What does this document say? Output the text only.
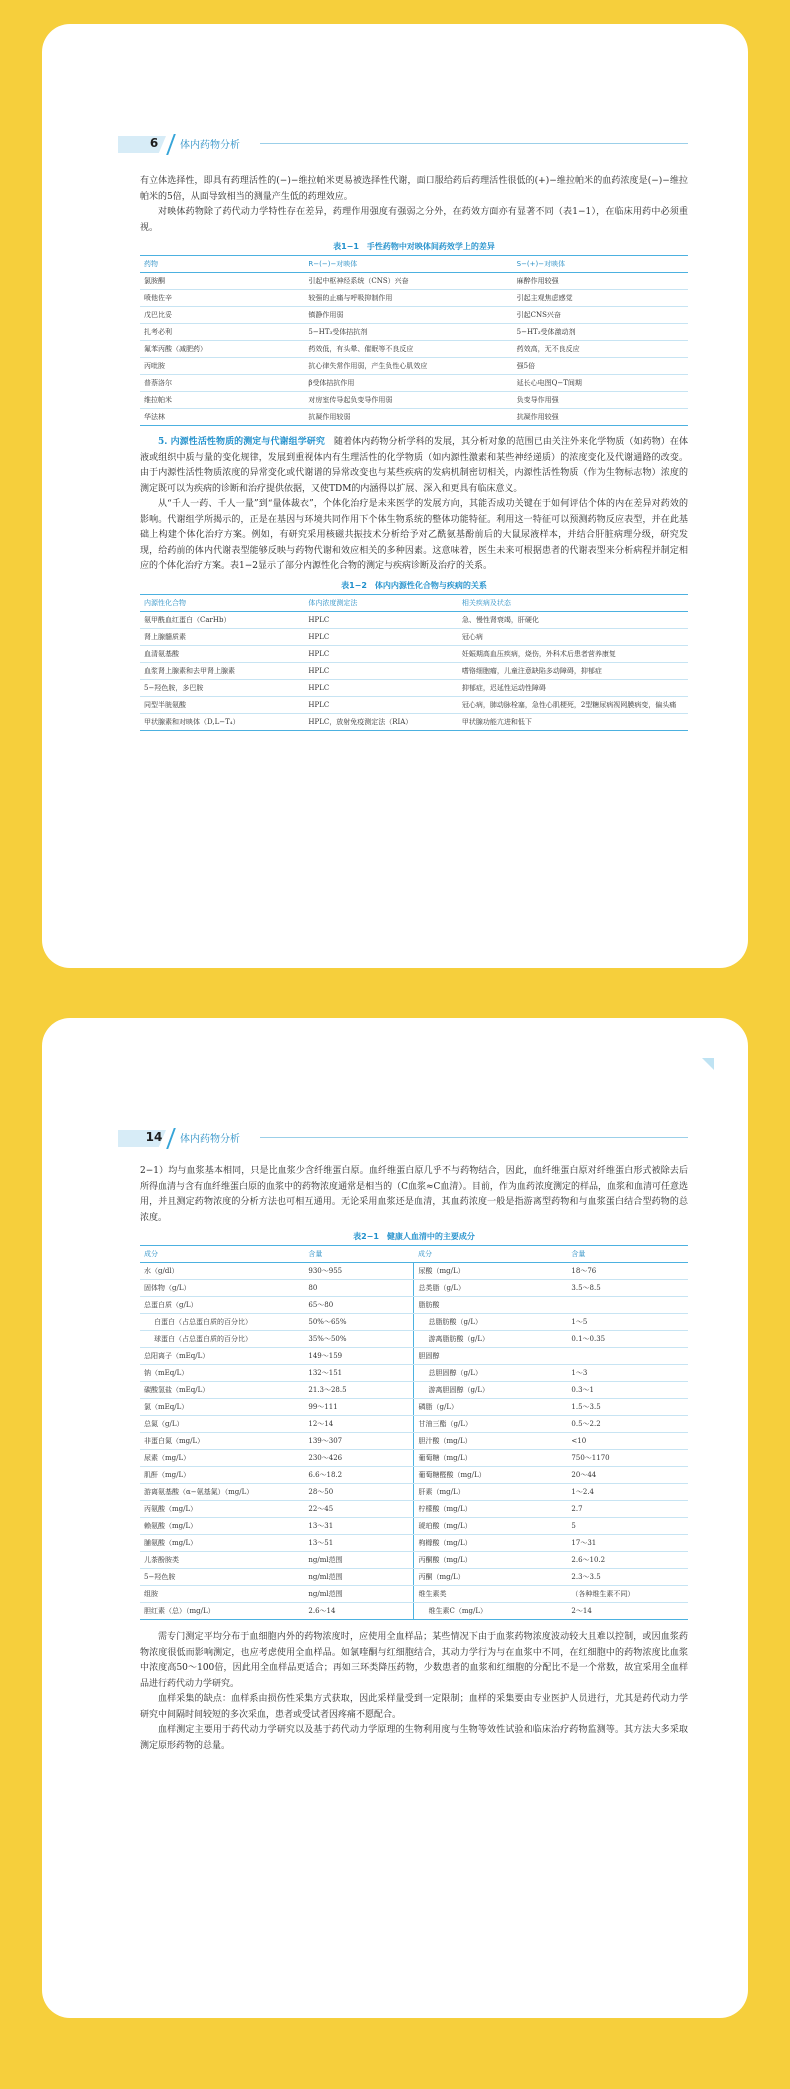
6	体内药物分析

有立体选择性，即具有药理活性的(−)−维拉帕米更易被选择性代谢，面口服给药后药理活性很低的(+)−维拉帕米的血药浓度是(−)−维拉帕米的5倍，从面导致相当的测量产生低的药理效应。

对映体药物除了药代动力学特性存在差异，药理作用强度有强弱之分外，在药效方面亦有显著不同（表1−1），在临床用药中必须重视。

表1−1　手性药物中对映体间药效学上的差异
药物	R−(−)−对映体	S−(+)−对映体
氯胺酮	引起中枢神经系统（CNS）兴奋	麻醉作用较强
喷他佐辛	较强的止痛与呼吸抑制作用	引起主观焦虑感觉
戊巴比妥	镇静作用弱	引起CNS兴奋
扎考必利	5−HT₃受体拮抗剂	5−HT₃受体激动剂
氟苯丙酸（减肥药）	药效低，有头晕、催眠等不良反应	药效高，无不良反应
丙吡胺	抗心律失常作用弱，产生负性心肌效应	强5倍
普萘洛尔	β受体拮抗作用	延长心电图Q−T间期
维拉帕米	对房室传导起负变导作用弱	负变导作用强
华法林	抗凝作用较弱	抗凝作用较强

5. 内源性活性物质的测定与代谢组学研究　 随着体内药物分析学科的发展，其分析对象的范围已由关注外来化学物质（如药物）在体液或组织中质与量的变化规律，发展到重视体内有生理活性的化学物质（如内源性激素和某些神经递质）的浓度变化及代谢通路的改变。由于内源性活性物质浓度的异常变化或代谢谱的异常改变也与某些疾病的发病机制密切相关，内源性活性物质（作为生物标志物）浓度的测定既可以为疾病的诊断和治疗提供依据，又使TDM的内涵得以扩展、深入和更具有临床意义。

从“千人一药、千人一量”到“量体裁衣”，个体化治疗是未来医学的发展方向，其能否成功关键在于如何评估个体的内在差异对药效的影响。代谢组学所揭示的，正是在基因与环境共同作用下个体生物系统的整体功能特征。利用这一特征可以预测药物反应表型，并在此基础上构建个体化治疗方案。例如，有研究采用核磁共振技术分析给予对乙酰氨基酚前后的大鼠尿液样本，并结合肝脏病理分级，研究发现，给药前的体内代谢表型能够反映与药物代谢和效应相关的多种因素。这意味着，医生未来可根据患者的代谢表型来分析病程并制定相应的个体化治疗方案。表1−2显示了部分内源性化合物的测定与疾病诊断及治疗的关系。

表1−2　体内内源性化合物与疾病的关系
内源性化合物	体内浓度测定法	相关疾病及状态
氨甲酰血红蛋白（CarHb）	HPLC	急、慢性肾衰竭，肝硬化
肾上腺髓质素	HPLC	冠心病
血清氨基酸	HPLC	妊娠期高血压疾病，烧伤，外科术后患者营养康复
血浆肾上腺素和去甲肾上腺素	HPLC	嗜铬细胞瘤，儿童注意缺陷多动障碍，抑郁症
5−羟色胺，多巴胺	HPLC	抑郁症，迟延性运动性障碍
同型半胱氨酸	HPLC	冠心病，肺动脉栓塞，急性心肌梗死，2型糖尿病视网膜病变，偏头痛
甲状腺素和对映体（D,L−T₄）	HPLC，放射免疫测定法（RIA）	甲状腺功能亢进和低下
14	体内药物分析

2−1）均与血浆基本相同，只是比血浆少含纤维蛋白原。血纤维蛋白原几乎不与药物结合，因此，血纤维蛋白原对纤维蛋白形式被除去后所得血清与含有血纤维蛋白原的血浆中的药物浓度通常是相当的（C血浆≈C血清）。目前，作为血药浓度测定的样品，血浆和血清可任意选用，并且测定药物浓度的分析方法也可相互通用。无论采用血浆还是血清，其血药浓度一般是指游离型药物和与血浆蛋白结合型药物的总浓度。

表2−1　健康人血清中的主要成分
成分	含量	成分	含量
水（g/dl）	930～955	尿酸（mg/L）	18～76
固体物（g/L）	80	总类脂（g/L）	3.5～8.5
总蛋白质（g/L）	65～80	脂肪酸	
白蛋白（占总蛋白质的百分比）	50%～65%	总脂肪酸（g/L）	1～5
球蛋白（占总蛋白质的百分比）	35%～50%	游离脂肪酸（g/L）	0.1～0.35
总阳离子（mEq/L）	149～159	胆固醇	
钠（mEq/L）	132～151	总胆固醇（g/L）	1～3
碳酸氢盐（mEq/L）	21.3～28.5	游离胆固醇（g/L）	0.3～1
氯（mEq/L）	99～111	磷脂（g/L）	1.5～3.5
总氮（g/L）	12～14	甘油三酯（g/L）	0.5～2.2
非蛋白氮（mg/L）	139～307	胆汁酸（mg/L）	<10
尿素（mg/L）	230～426	葡萄糖（mg/L）	750～1170
肌酐（mg/L）	6.6～18.2	葡萄糖醛酸（mg/L）	20～44
游离氨基酸（α−氨基氮）（mg/L）	28～50	肝素（mg/L）	1～2.4
丙氨酸（mg/L）	22～45	柠檬酸（mg/L）	2.7
赖氨酸（mg/L）	13～31	琥珀酸（mg/L）	5
脯氨酸（mg/L）	13～51	枸橼酸（mg/L）	17～31
儿茶酚胺类	ng/ml范围	丙酮酸（mg/L）	2.6～10.2
5−羟色胺	ng/ml范围	丙酮（mg/L）	2.3～3.5
组胺	ng/ml范围	维生素类	（各种维生素不同）
胆红素（总）（mg/L）	2.6～14	维生素C（mg/L）	2～14

需专门测定平均分布于血细胞内外的药物浓度时，应使用全血样品；某些情况下由于血浆药物浓度波动较大且难以控制，或因血浆药物浓度很低而影响测定，也应考虑使用全血样品。如氯喹酮与红细胞结合，其动力学行为与在血浆中不同，在红细胞中的药物浓度比血浆中浓度高50～100倍，因此用全血样品更适合；再如三环类降压药物，少数患者的血浆和红细胞的分配比不是一个常数，故宜采用全血样品进行药代动力学研究。

血样采集的缺点：血样系由损伤性采集方式获取，因此采样量受到一定限制；血样的采集要由专业医护人员进行，尤其是药代动力学研究中间隔时间较短的多次采血，患者或受试者因疼痛不愿配合。

血样测定主要用于药代动力学研究以及基于药代动力学原理的生物利用度与生物等效性试验和临床治疗药物监测等。其方法大多采取测定原形药物的总量。
